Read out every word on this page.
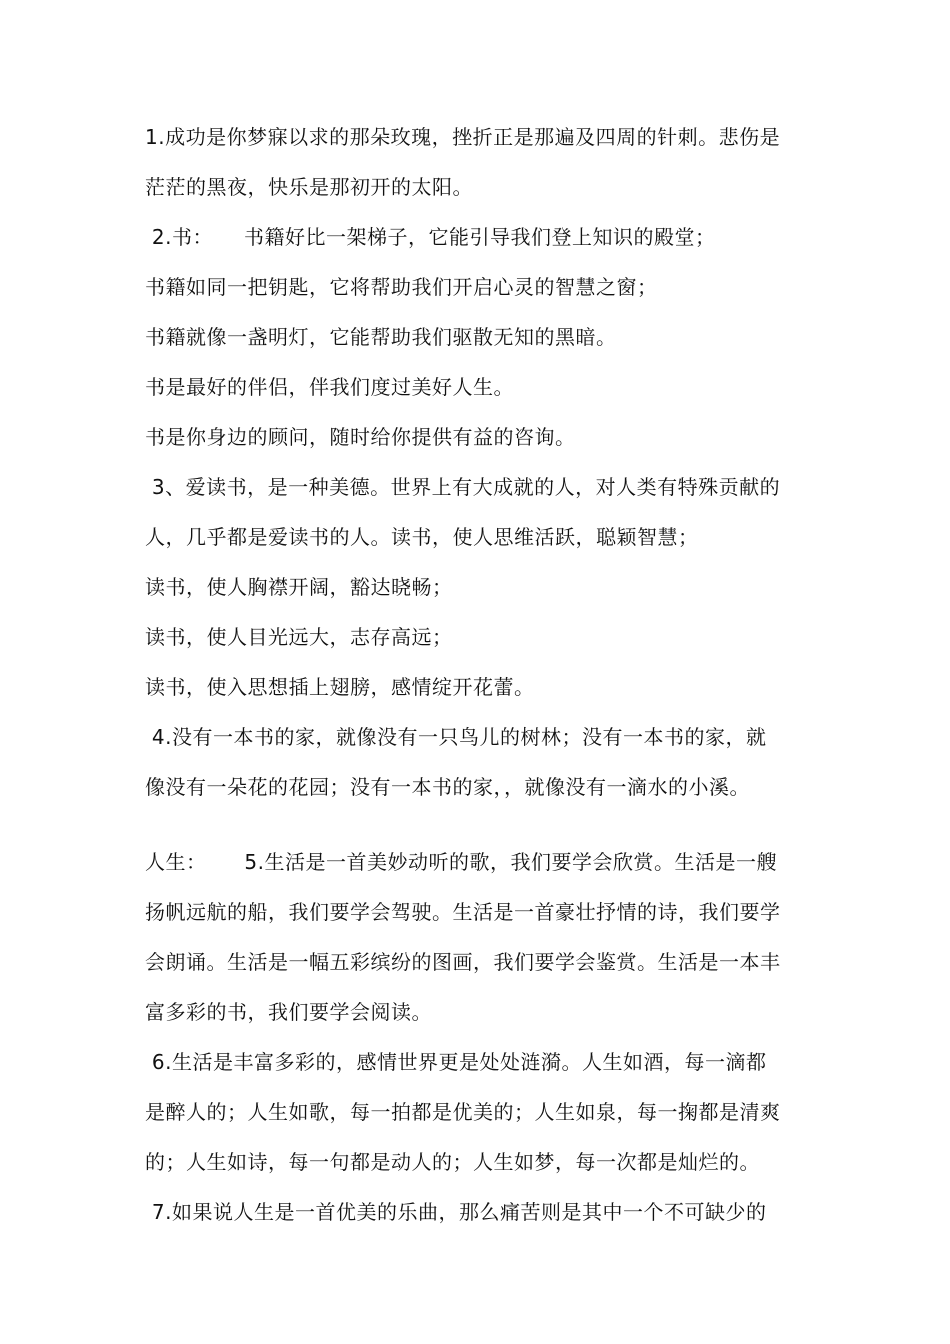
1.成功是你梦寐以求的那朵玫瑰，挫折正是那遍及四周的针刺。悲伤是
茫茫的黑夜，快乐是那初开的太阳。
2.书：　　书籍好比一架梯子，它能引导我们登上知识的殿堂；
书籍如同一把钥匙，它将帮助我们开启心灵的智慧之窗；
书籍就像一盏明灯，它能帮助我们驱散无知的黑暗。
书是最好的伴侣，伴我们度过美好人生。
书是你身边的顾问，随时给你提供有益的咨询。
3、爱读书，是一种美德。世界上有大成就的人，对人类有特殊贡献的
人，几乎都是爱读书的人。读书，使人思维活跃，聪颖智慧；
读书，使人胸襟开阔，豁达晓畅；
读书，使人目光远大，志存高远；
读书，使入思想插上翅膀，感情绽开花蕾。
4.没有一本书的家，就像没有一只鸟儿的树林；没有一本书的家，就
像没有一朵花的花园；没有一本书的家，，就像没有一滴水的小溪。
人生：　　 5.生活是一首美妙动听的歌，我们要学会欣赏。生活是一艘
扬帆远航的船，我们要学会驾驶。生活是一首豪壮抒情的诗，我们要学
会朗诵。生活是一幅五彩缤纷的图画，我们要学会鉴赏。生活是一本丰
富多彩的书，我们要学会阅读。
6.生活是丰富多彩的，感情世界更是处处涟漪。人生如酒，每一滴都
是醉人的；人生如歌，每一拍都是优美的；人生如泉，每一掬都是清爽
的；人生如诗，每一句都是动人的；人生如梦，每一次都是灿烂的。
7.如果说人生是一首优美的乐曲，那么痛苦则是其中一个不可缺少的
